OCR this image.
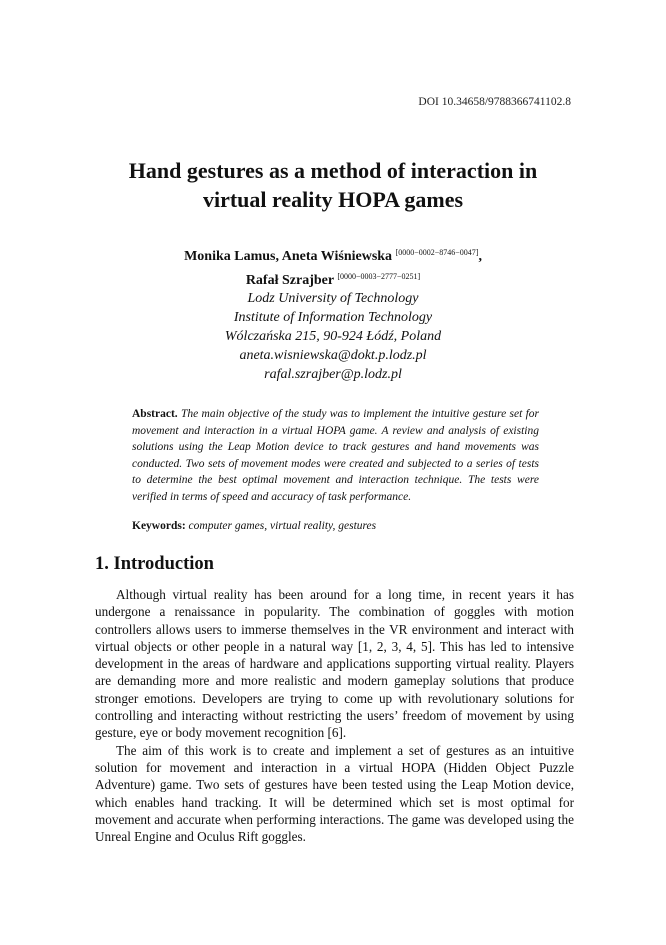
DOI 10.34658/9788366741102.8
Hand gestures as a method of interaction in
virtual reality HOPA games
Monika Lamus, Aneta Wiśniewska [0000−0002−8746−0047],
Rafał Szrajber [0000−0003−2777−0251]
Lodz University of Technology
Institute of Information Technology
Wólczańska 215, 90-924 Łódź, Poland
aneta.wisniewska@dokt.p.lodz.pl
rafal.szrajber@p.lodz.pl
Abstract. The main objective of the study was to implement the intuitive gesture set for movement and interaction in a virtual HOPA game. A review and analysis of existing solutions using the Leap Motion device to track gestures and hand movements was conducted. Two sets of movement modes were created and subjected to a series of tests to determine the best optimal movement and interaction technique. The tests were verified in terms of speed and accuracy of task performance.
Keywords: computer games, virtual reality, gestures
1. Introduction

Although virtual reality has been around for a long time, in recent years it has undergone a renaissance in popularity. The combination of goggles with motion controllers allows users to immerse themselves in the VR environment and interact with virtual objects or other people in a natural way [1, 2, 3, 4, 5]. This has led to intensive development in the areas of hardware and applications supporting virtual reality. Players are demanding more and more realistic and modern gameplay solutions that produce stronger emotions. Developers are trying to come up with revolutionary solutions for controlling and interacting without restricting the users’ freedom of movement by using gesture, eye or body movement recognition [6].

The aim of this work is to create and implement a set of gestures as an intuitive solution for movement and interaction in a virtual HOPA (Hidden Object Puzzle Adventure) game. Two sets of gestures have been tested using the Leap Motion device, which enables hand tracking. It will be determined which set is most optimal for movement and accurate when performing interactions. The game was developed using the Unreal Engine and Oculus Rift goggles.
